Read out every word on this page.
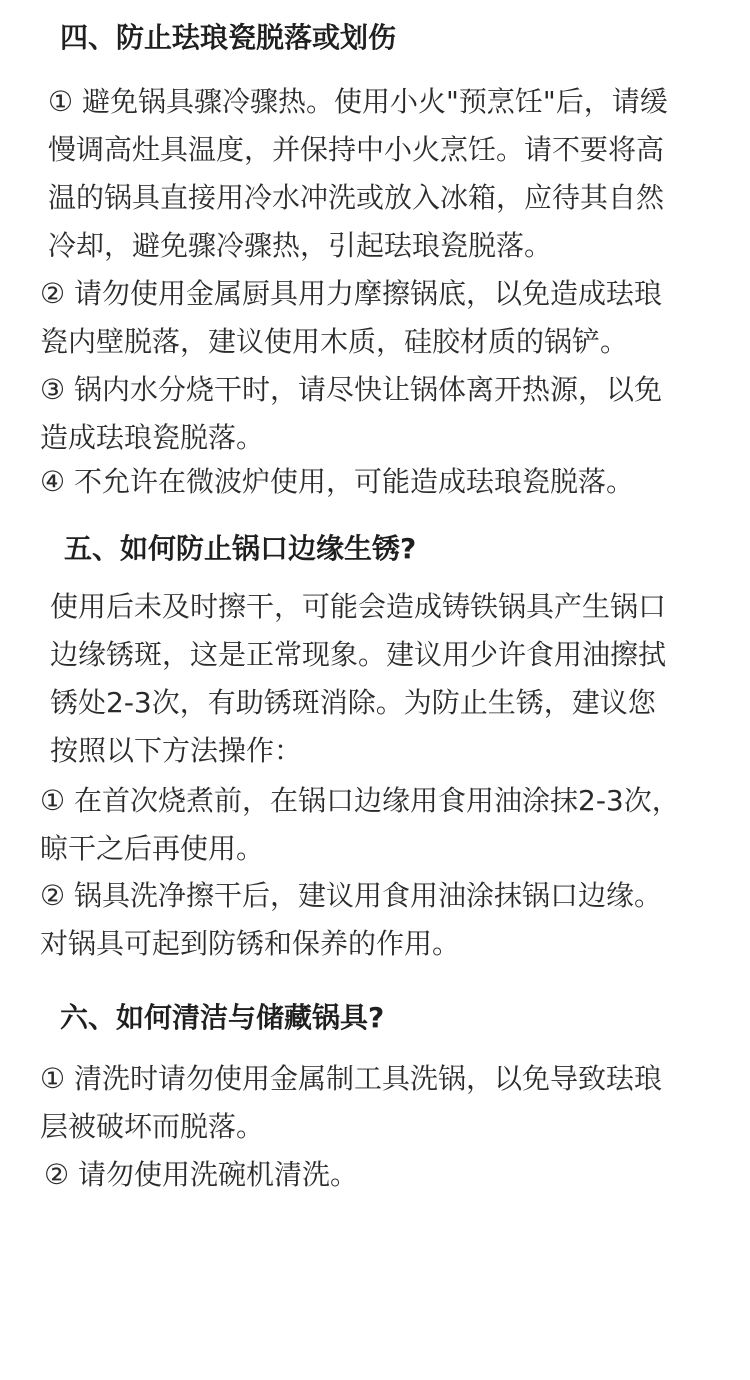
四、防止珐琅瓷脱落或划伤
① 避免锅具骤冷骤热。使用小火"预烹饪"后，请缓
慢调高灶具温度，并保持中小火烹饪。请不要将高
温的锅具直接用冷水冲洗或放入冰箱，应待其自然
冷却，避免骤冷骤热，引起珐琅瓷脱落。
② 请勿使用金属厨具用力摩擦锅底，以免造成珐琅
瓷内壁脱落，建议使用木质，硅胶材质的锅铲。
③ 锅内水分烧干时，请尽快让锅体离开热源，以免
造成珐琅瓷脱落。
④ 不允许在微波炉使用，可能造成珐琅瓷脱落。
五、如何防止锅口边缘生锈?
使用后未及时擦干，可能会造成铸铁锅具产生锅口
边缘锈斑，这是正常现象。建议用少许食用油擦拭
锈处2-3次，有助锈斑消除。为防止生锈，建议您
按照以下方法操作：
① 在首次烧煮前，在锅口边缘用食用油涂抹2-3次，
晾干之后再使用。
② 锅具洗净擦干后，建议用食用油涂抹锅口边缘。
对锅具可起到防锈和保养的作用。
六、如何清洁与储藏锅具?
① 清洗时请勿使用金属制工具洗锅，以免导致珐琅
层被破坏而脱落。
② 请勿使用洗碗机清洗。
